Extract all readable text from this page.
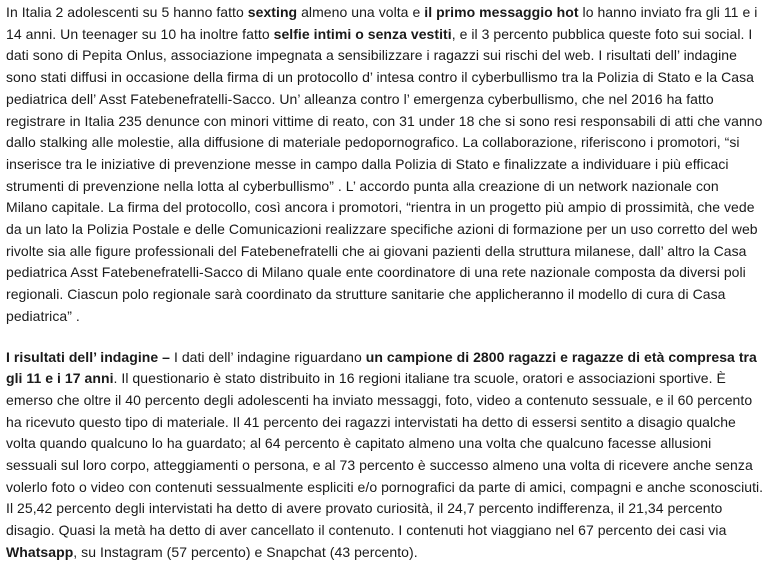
In Italia 2 adolescenti su 5 hanno fatto sexting almeno una volta e il primo messaggio hot lo hanno inviato fra gli 11 e i 14 anni. Un teenager su 10 ha inoltre fatto selfie intimi o senza vestiti, e il 3 percento pubblica queste foto sui social. I dati sono di Pepita Onlus, associazione impegnata a sensibilizzare i ragazzi sui rischi del web. I risultati dell’ indagine sono stati diffusi in occasione della firma di un protocollo d’ intesa contro il cyberbullismo tra la Polizia di Stato e la Casa pediatrica dell’ Asst Fatebenefratelli-Sacco. Un’ alleanza contro l’ emergenza cyberbullismo, che nel 2016 ha fatto registrare in Italia 235 denunce con minori vittime di reato, con 31 under 18 che si sono resi responsabili di atti che vanno dallo stalking alle molestie, alla diffusione di materiale pedopornografico. La collaborazione, riferiscono i promotori, “si inserisce tra le iniziative di prevenzione messe in campo dalla Polizia di Stato e finalizzate a individuare i più efficaci strumenti di prevenzione nella lotta al cyberbullismo” . L’ accordo punta alla creazione di un network nazionale con Milano capitale. La firma del protocollo, così ancora i promotori, “rientra in un progetto più ampio di prossimità, che vede da un lato la Polizia Postale e delle Comunicazioni realizzare specifiche azioni di formazione per un uso corretto del web rivolte sia alle figure professionali del Fatebenefratelli che ai giovani pazienti della struttura milanese, dall’ altro la Casa pediatrica Asst Fatebenefratelli-Sacco di Milano quale ente coordinatore di una rete nazionale composta da diversi poli regionali. Ciascun polo regionale sarà coordinato da strutture sanitarie che applicheranno il modello di cura di Casa pediatrica” .

I risultati dell’ indagine – I dati dell’ indagine riguardano un campione di 2800 ragazzi e ragazze di età compresa tra gli 11 e i 17 anni. Il questionario è stato distribuito in 16 regioni italiane tra scuole, oratori e associazioni sportive. È emerso che oltre il 40 percento degli adolescenti ha inviato messaggi, foto, video a contenuto sessuale, e il 60 percento ha ricevuto questo tipo di materiale. Il 41 percento dei ragazzi intervistati ha detto di essersi sentito a disagio qualche volta quando qualcuno lo ha guardato; al 64 percento è capitato almeno una volta che qualcuno facesse allusioni sessuali sul loro corpo, atteggiamenti o persona, e al 73 percento è successo almeno una volta di ricevere anche senza volerlo foto o video con contenuti sessualmente espliciti e/o pornografici da parte di amici, compagni e anche sconosciuti. Il 25,42 percento degli intervistati ha detto di avere provato curiosità, il 24,7 percento indifferenza, il 21,34 percento disagio. Quasi la metà ha detto di aver cancellato il contenuto. I contenuti hot viaggiano nel 67 percento dei casi via Whatsapp, su Instagram (57 percento) e Snapchat (43 percento).
